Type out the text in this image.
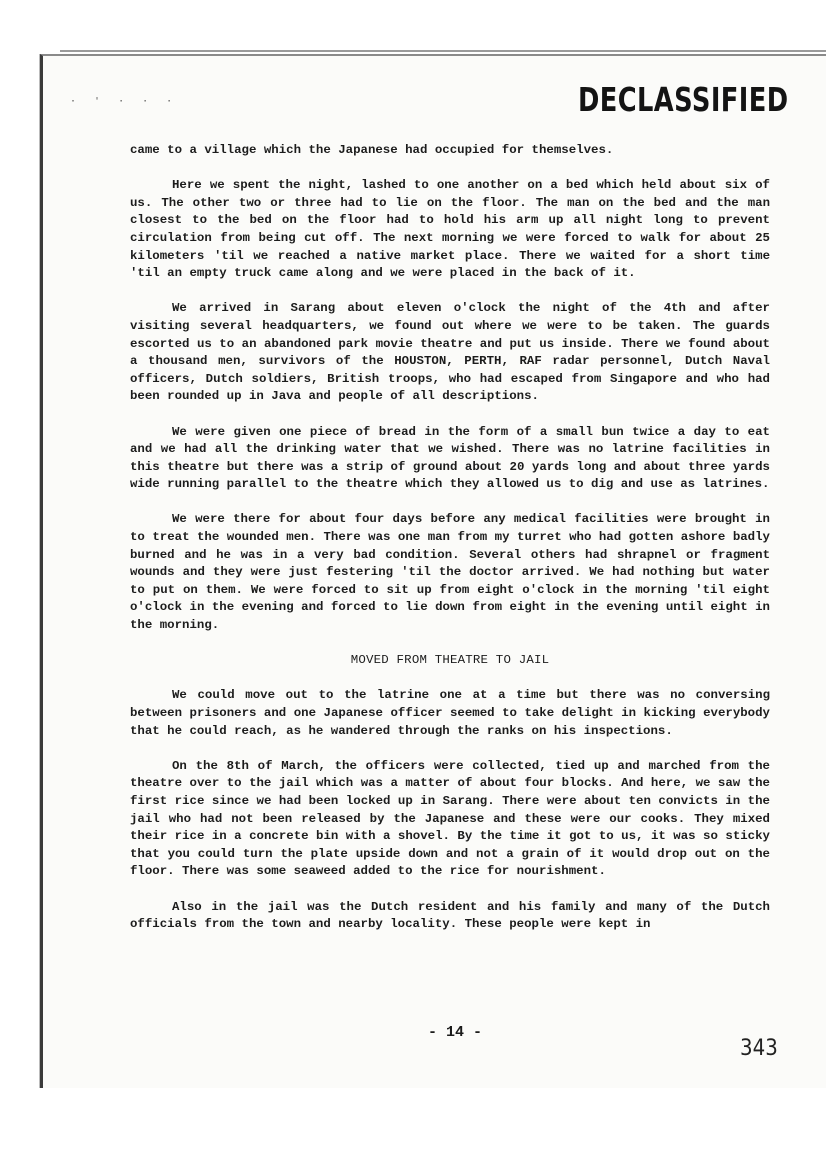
· ' · · ·	DECLASSIFIED

came to a village which the Japanese had occupied for themselves.

Here we spent the night, lashed to one another on a bed which held about six of us. The other two or three had to lie on the floor. The man on the bed and the man closest to the bed on the floor had to hold his arm up all night long to prevent circulation from being cut off. The next morning we were forced to walk for about 25 kilometers 'til we reached a native market place. There we waited for a short time 'til an empty truck came along and we were placed in the back of it.

We arrived in Sarang about eleven o'clock the night of the 4th and after visiting several headquarters, we found out where we were to be taken. The guards escorted us to an abandoned park movie theatre and put us inside. There we found about a thousand men, survivors of the HOUSTON, PERTH, RAF radar personnel, Dutch Naval officers, Dutch soldiers, British troops, who had escaped from Singapore and who had been rounded up in Java and people of all descriptions.

We were given one piece of bread in the form of a small bun twice a day to eat and we had all the drinking water that we wished. There was no latrine facilities in this theatre but there was a strip of ground about 20 yards long and about three yards wide running parallel to the theatre which they allowed us to dig and use as latrines.

We were there for about four days before any medical facilities were brought in to treat the wounded men. There was one man from my turret who had gotten ashore badly burned and he was in a very bad condition. Several others had shrapnel or fragment wounds and they were just festering 'til the doctor arrived. We had nothing but water to put on them. We were forced to sit up from eight o'clock in the morning 'til eight o'clock in the evening and forced to lie down from eight in the evening until eight in the morning.

MOVED FROM THEATRE TO JAIL

We could move out to the latrine one at a time but there was no conversing between prisoners and one Japanese officer seemed to take delight in kicking everybody that he could reach, as he wandered through the ranks on his inspections.

On the 8th of March, the officers were collected, tied up and marched from the theatre over to the jail which was a matter of about four blocks. And here, we saw the first rice since we had been locked up in Sarang. There were about ten convicts in the jail who had not been released by the Japanese and these were our cooks. They mixed their rice in a concrete bin with a shovel. By the time it got to us, it was so sticky that you could turn the plate upside down and not a grain of it would drop out on the floor. There was some seaweed added to the rice for nourishment.

Also in the jail was the Dutch resident and his family and many of the Dutch officials from the town and nearby locality. These people were kept in

- 14 -
343
